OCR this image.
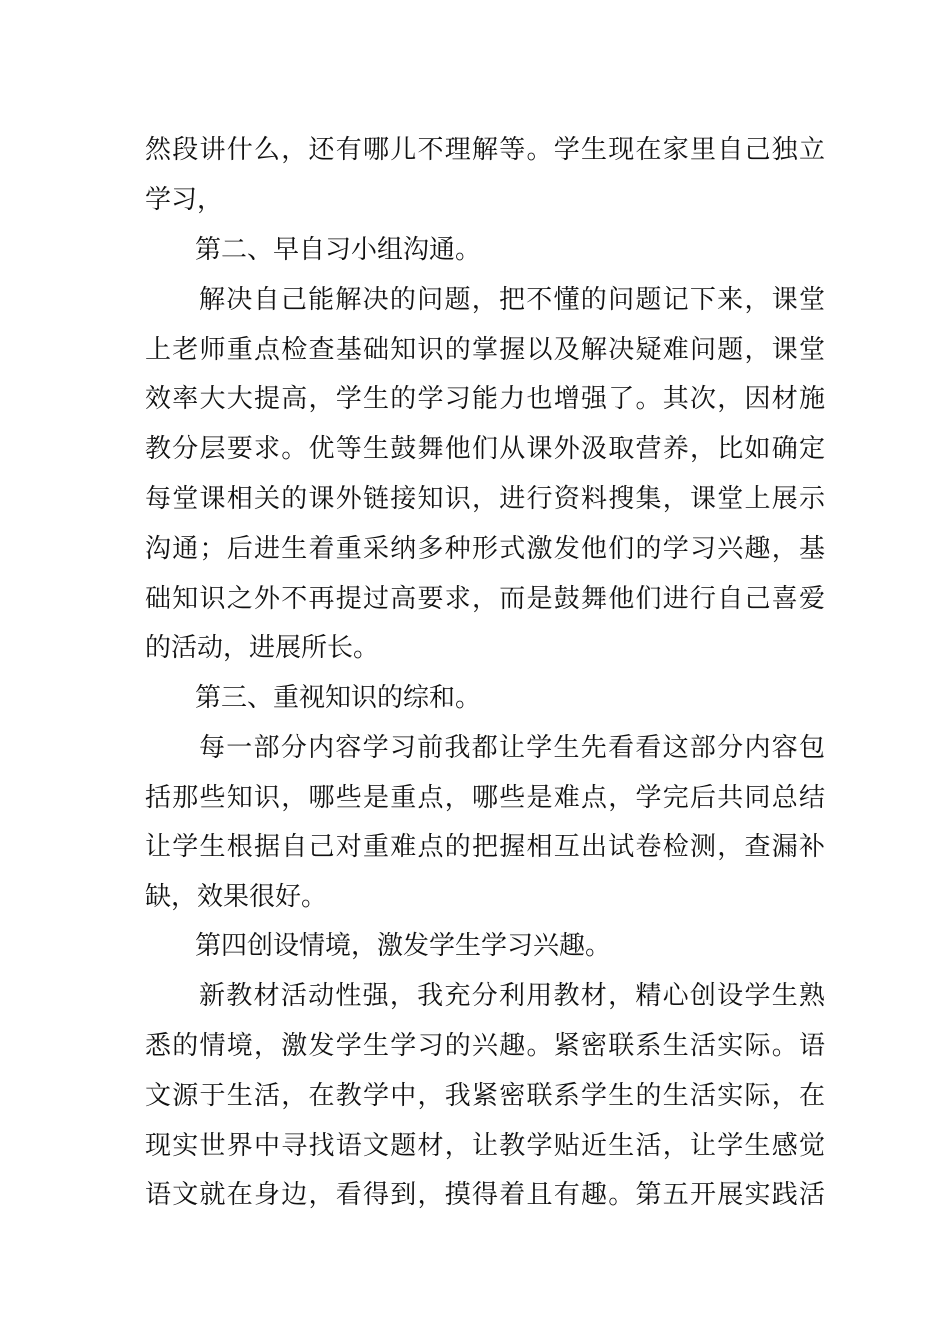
然段讲什么，还有哪儿不理解等。学生现在家里自己独立
学习，
第二、早自习小组沟通。
解决自己能解决的问题，把不懂的问题记下来，课堂
上老师重点检查基础知识的掌握以及解决疑难问题，课堂
效率大大提高，学生的学习能力也增强了。其次，因材施
教分层要求。优等生鼓舞他们从课外汲取营养，比如确定
每堂课相关的课外链接知识，进行资料搜集，课堂上展示
沟通；后进生着重采纳多种形式激发他们的学习兴趣，基
础知识之外不再提过高要求，而是鼓舞他们进行自己喜爱
的活动，进展所长。
第三、重视知识的综和。
每一部分内容学习前我都让学生先看看这部分内容包
括那些知识，哪些是重点，哪些是难点，学完后共同总结
让学生根据自己对重难点的把握相互出试卷检测，查漏补
缺，效果很好。
第四创设情境，激发学生学习兴趣。
新教材活动性强，我充分利用教材，精心创设学生熟
悉的情境，激发学生学习的兴趣。紧密联系生活实际。语
文源于生活，在教学中，我紧密联系学生的生活实际，在
现实世界中寻找语文题材，让教学贴近生活，让学生感觉
语文就在身边，看得到，摸得着且有趣。第五开展实践活
